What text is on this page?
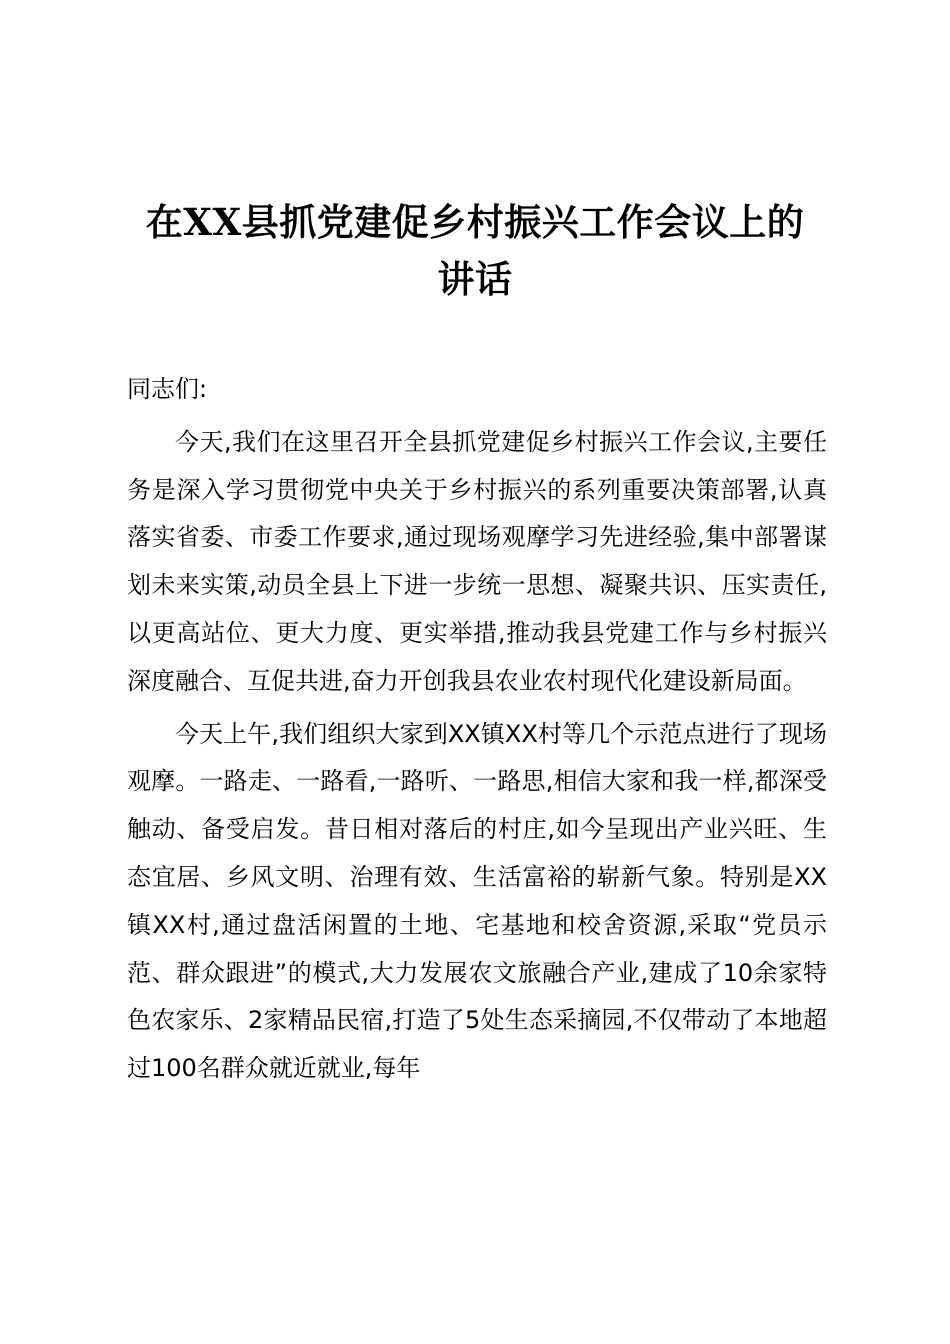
在XX县抓党建促乡村振兴工作会议上的
讲话

同志们:

今天,我们在这里召开全县抓党建促乡村振兴工作会议,主要任务是深入学习贯彻党中央关于乡村振兴的系列重要决策部署,认真落实省委、市委工作要求,通过现场观摩学习先进经验,集中部署谋划未来实策,动员全县上下进一步统一思想、凝聚共识、压实责任,以更高站位、更大力度、更实举措,推动我县党建工作与乡村振兴深度融合、互促共进,奋力开创我县农业农村现代化建设新局面。

今天上午,我们组织大家到XX镇XX村等几个示范点进行了现场观摩。一路走、一路看,一路听、一路思,相信大家和我一样,都深受触动、备受启发。昔日相对落后的村庄,如今呈现出产业兴旺、生态宜居、乡风文明、治理有效、生活富裕的崭新气象。特别是XX镇XX村,通过盘活闲置的土地、宅基地和校舍资源,采取“党员示范、群众跟进”的模式,大力发展农文旅融合产业,建成了10余家特色农家乐、2家精品民宿,打造了5处生态采摘园,不仅带动了本地超过100名群众就近就业,每年
